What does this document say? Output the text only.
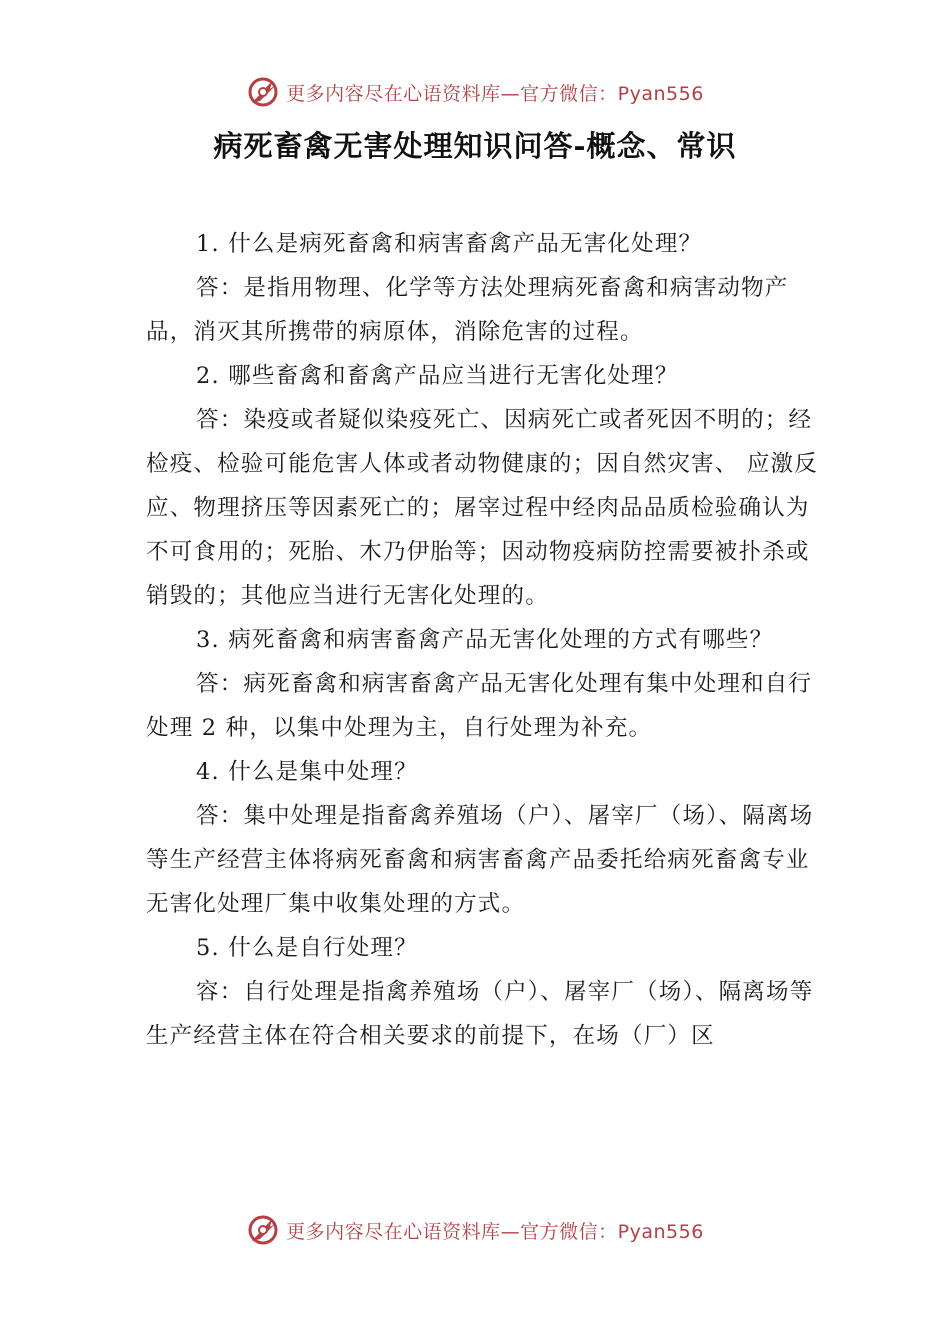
更多内容尽在心语资料库—官方微信：Pyan556
病死畜禽无害处理知识问答-概念、常识

1. 什么是病死畜禽和病害畜禽产品无害化处理？

答：是指用物理、化学等方法处理病死畜禽和病害动物产品，消灭其所携带的病原体，消除危害的过程。

2. 哪些畜禽和畜禽产品应当进行无害化处理？

答：染疫或者疑似染疫死亡、因病死亡或者死因不明的；经检疫、检验可能危害人体或者动物健康的；因自然灾害、 应激反应、物理挤压等因素死亡的；屠宰过程中经肉品品质检验确认为不可食用的；死胎、木乃伊胎等；因动物疫病防控需要被扑杀或销毁的；其他应当进行无害化处理的。

3. 病死畜禽和病害畜禽产品无害化处理的方式有哪些？

答：病死畜禽和病害畜禽产品无害化处理有集中处理和自行处理 2 种，以集中处理为主，自行处理为补充。

4. 什么是集中处理？

答：集中处理是指畜禽养殖场（户）、屠宰厂（场）、隔离场等生产经营主体将病死畜禽和病害畜禽产品委托给病死畜禽专业无害化处理厂集中收集处理的方式。

5. 什么是自行处理？

容：自行处理是指禽养殖场（户）、屠宰厂（场）、隔离场等生产经营主体在符合相关要求的前提下，在场（厂）区

更多内容尽在心语资料库—官方微信：Pyan556
